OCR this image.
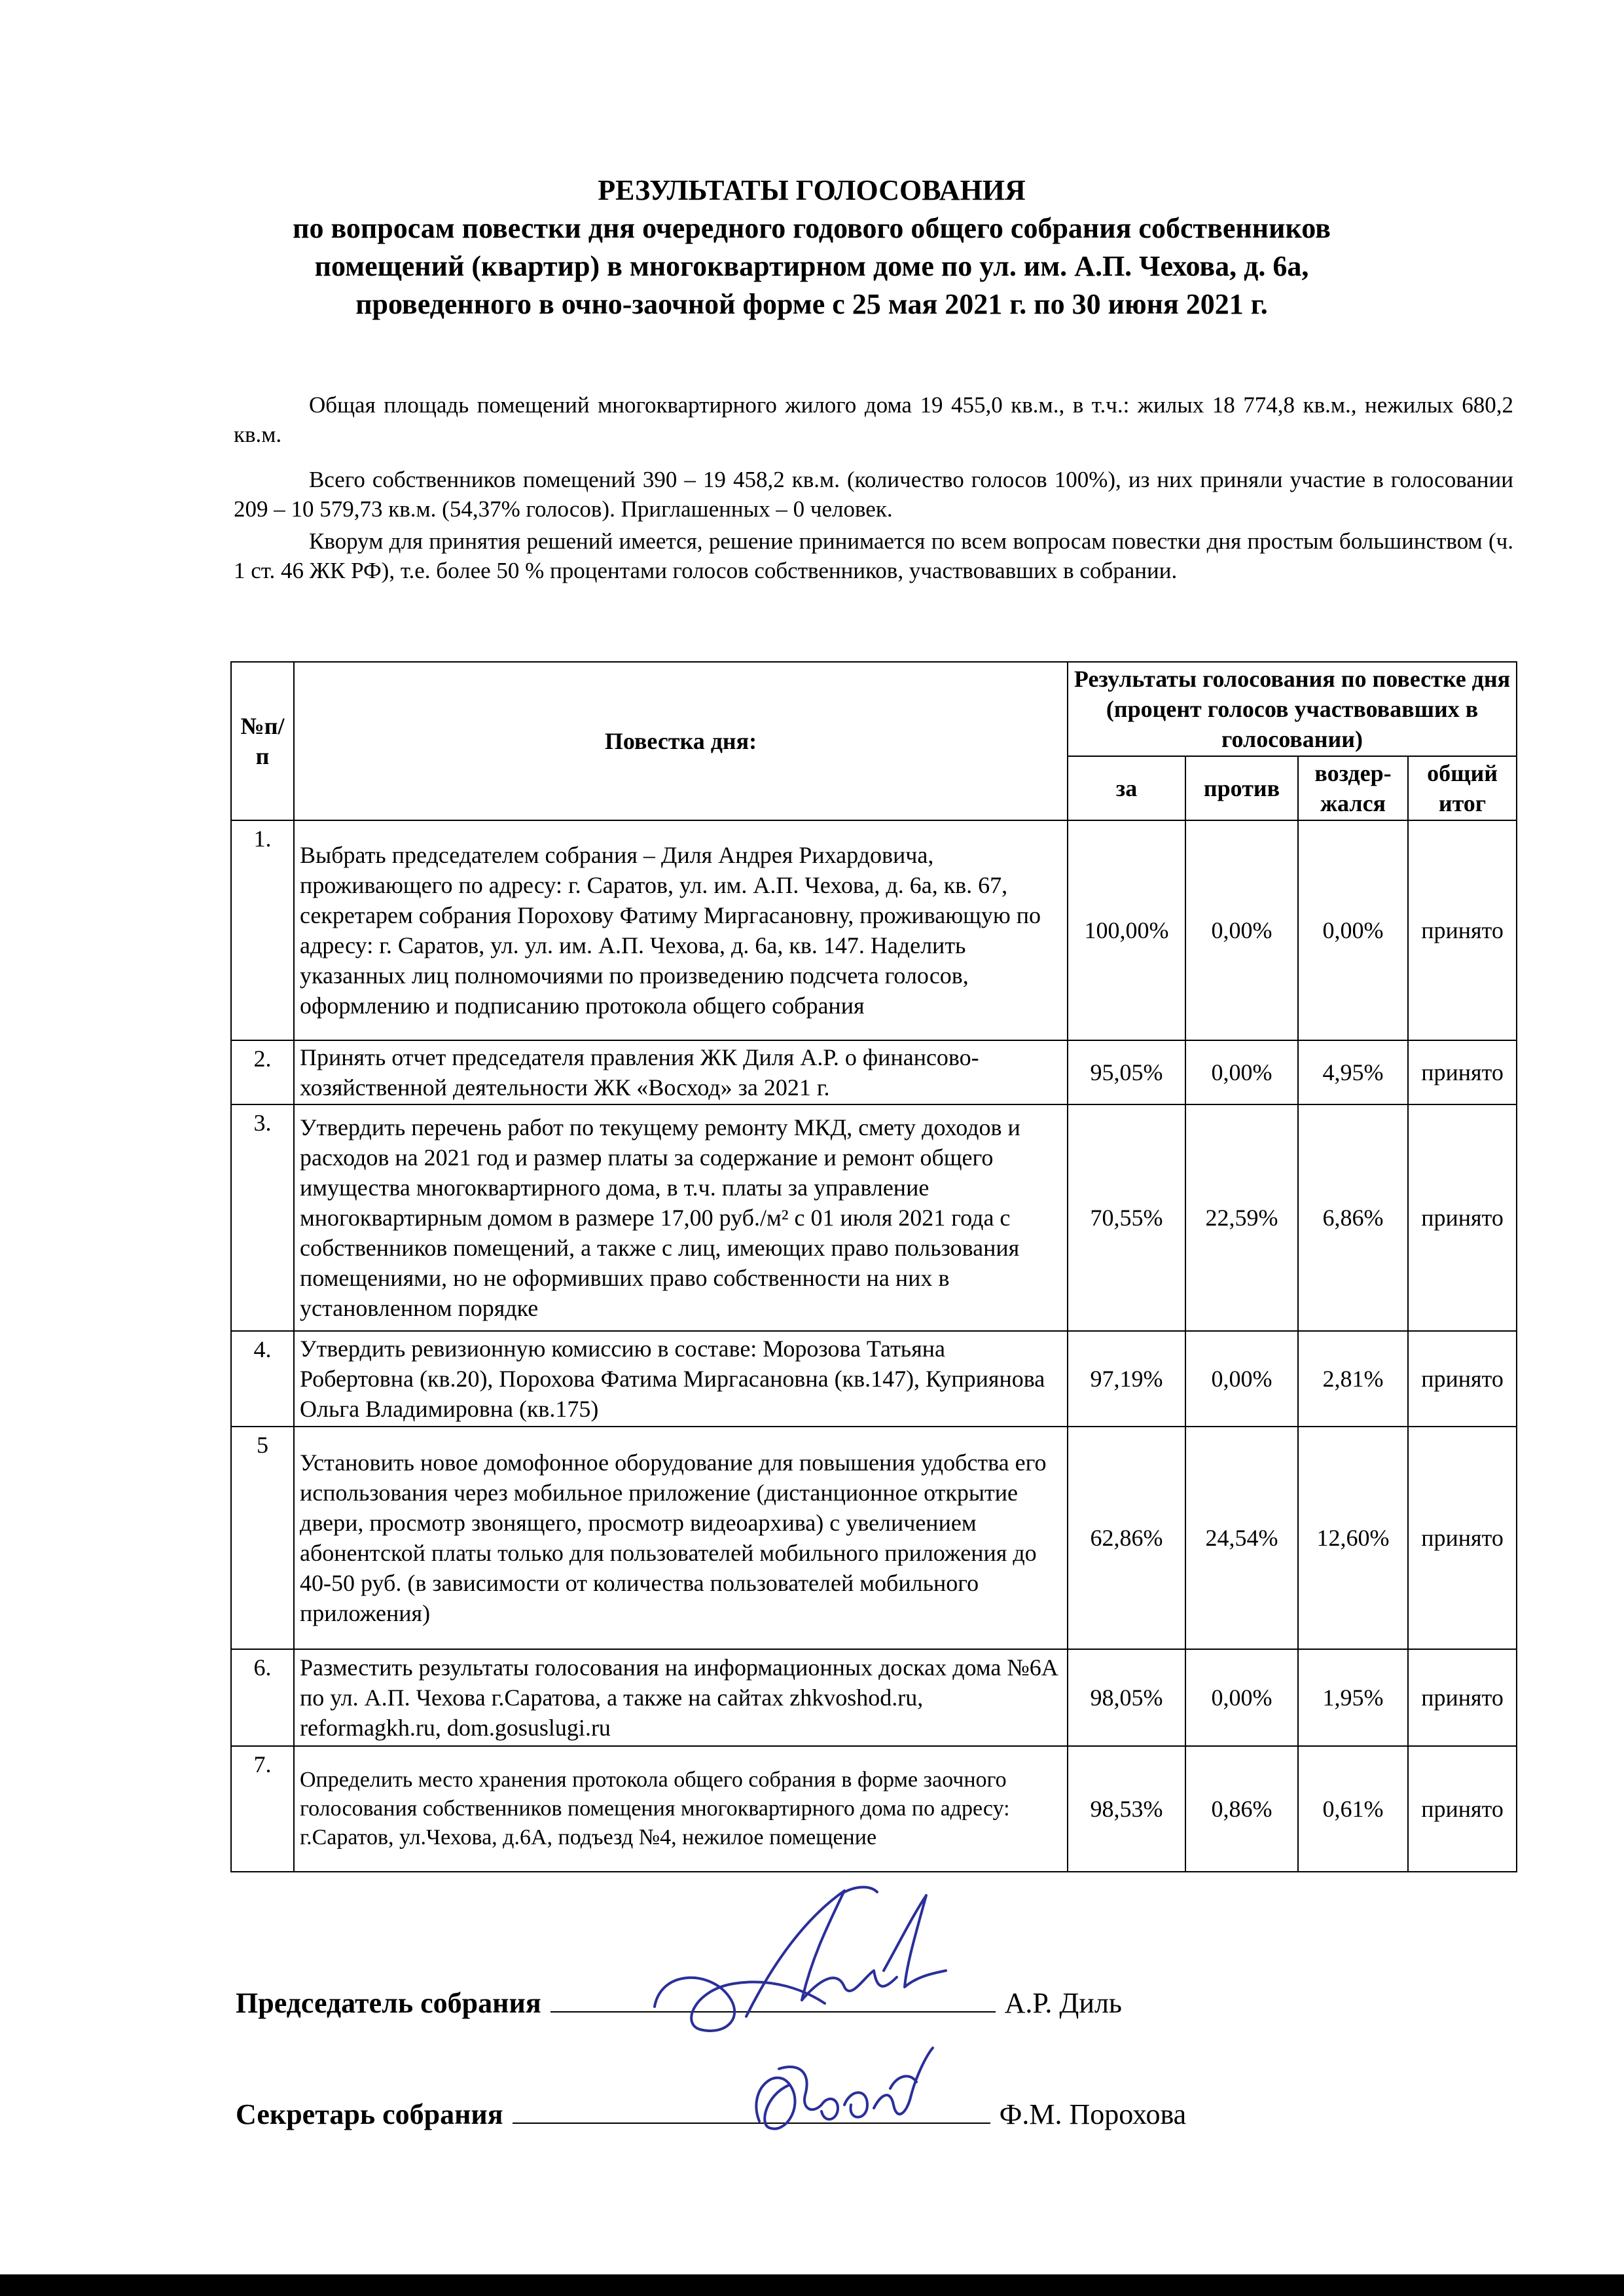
РЕЗУЛЬТАТЫ ГОЛОСОВАНИЯ
по вопросам повестки дня очередного годового общего собрания собственников
помещений (квартир) в многоквартирном доме по ул. им. А.П. Чехова, д. 6а,
проведенного в очно-заочной форме с 25 мая 2021 г. по 30 июня 2021 г.
Общая площадь помещений многоквартирного жилого дома 19 455,0 кв.м., в т.ч.: жилых 18 774,8 кв.м., нежилых 680,2 кв.м.
Всего собственников помещений 390 – 19 458,2 кв.м. (количество голосов 100%), из них приняли участие в голосовании 209 – 10 579,73 кв.м. (54,37% голосов). Приглашенных – 0 человек.
Кворум для принятия решений имеется, решение принимается по всем вопросам повестки дня простым большинством (ч. 1 ст. 46 ЖК РФ), т.е. более 50 % процентами голосов собственников, участвовавших в собрании.
№п/п	Повестка дня:	Результаты голосования по повестке дня (процент голосов участвовавших в голосовании)			
		за	против	воздер-жался	общий итог
1.	Выбрать председателем собрания – Диля Андрея Рихардовича, проживающего по адресу: г. Саратов, ул. им. А.П. Чехова, д. 6а, кв. 67, секретарем собрания Порохову Фатиму Миргасановну, проживающую по адресу: г. Саратов, ул. ул. им. А.П. Чехова, д. 6а, кв. 147. Наделить указанных лиц полномочиями по произведению подсчета голосов, оформлению и подписанию протокола общего собрания	100,00%	0,00%	0,00%	принято
2.	Принять отчет председателя правления ЖК Диля А.Р. о финансово-хозяйственной деятельности ЖК «Восход» за 2021 г.	95,05%	0,00%	4,95%	принято
3.	Утвердить перечень работ по текущему ремонту МКД, смету доходов и расходов на 2021 год и размер платы за содержание и ремонт общего имущества многоквартирного дома, в т.ч. платы за управление многоквартирным домом в размере 17,00 руб./м² с 01 июля 2021 года с собственников помещений, а также с лиц, имеющих право пользования помещениями, но не оформивших право собственности на них в установленном порядке	70,55%	22,59%	6,86%	принято
4.	Утвердить ревизионную комиссию в составе: Морозова Татьяна Робертовна (кв.20), Порохова Фатима Миргасановна (кв.147), Куприянова Ольга Владимировна (кв.175)	97,19%	0,00%	2,81%	принято
5	Установить новое домофонное оборудование для повышения удобства его использования через мобильное приложение (дистанционное открытие двери, просмотр звонящего, просмотр видеоархива) с увеличением абонентской платы только для пользователей мобильного приложения до 40-50 руб. (в зависимости от количества пользователей мобильного приложения)	62,86%	24,54%	12,60%	принято
6.	Разместить результаты голосования на информационных досках дома №6А по ул. А.П. Чехова г.Саратова, а также на сайтах zhkvoshod.ru, reformagkh.ru, dom.gosuslugi.ru	98,05%	0,00%	1,95%	принято
7.	Определить место хранения протокола общего собрания в форме заочного голосования собственников помещения многоквартирного дома по адресу: г.Саратов, ул.Чехова, д.6А, подъезд №4, нежилое помещение	98,53%	0,86%	0,61%	принято
Председатель собрания	А.Р. Диль
Секретарь собрания	Ф.М. Порохова
